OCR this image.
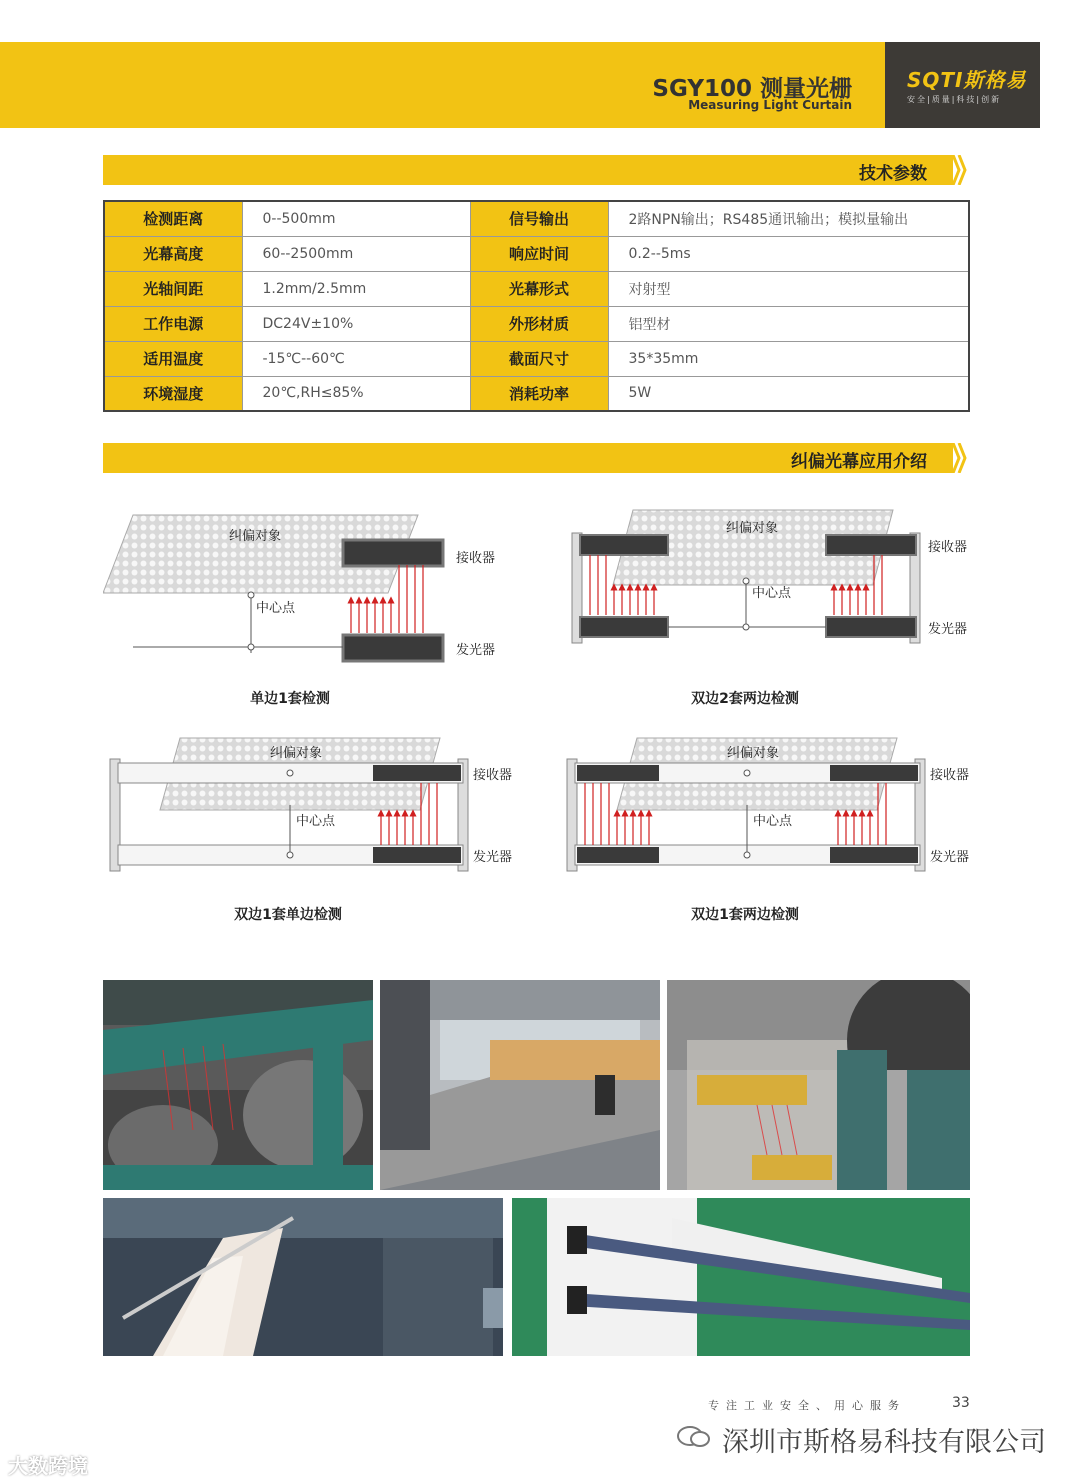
SGY100 测量光栅
Measuring Light Curtain
SQTI斯格易
安全|质量|科技|创新
技术参数
检测距离	0--500mm	信号输出	2路NPN输出；RS485通讯输出；模拟量输出
光幕高度	60--2500mm	响应时间	0.2--5ms
光轴间距	1.2mm/2.5mm	光幕形式	对射型
工作电源	DC24V±10%	外形材质	铝型材
适用温度	-15℃--60℃	截面尺寸	35*35mm
环境湿度	20℃,RH≤85%	消耗功率	5W
纠偏光幕应用介绍
纠偏对象
中心点
接收器
发光器
单边1套检测
纠偏对象
中心点
接收器
发光器
双边2套两边检测
纠偏对象
中心点
接收器
发光器
双边1套单边检测
纠偏对象
中心点
接收器
发光器
双边1套两边检测
专注工业安全、用心服务	33
深圳市斯格易科技有限公司
大数跨境
